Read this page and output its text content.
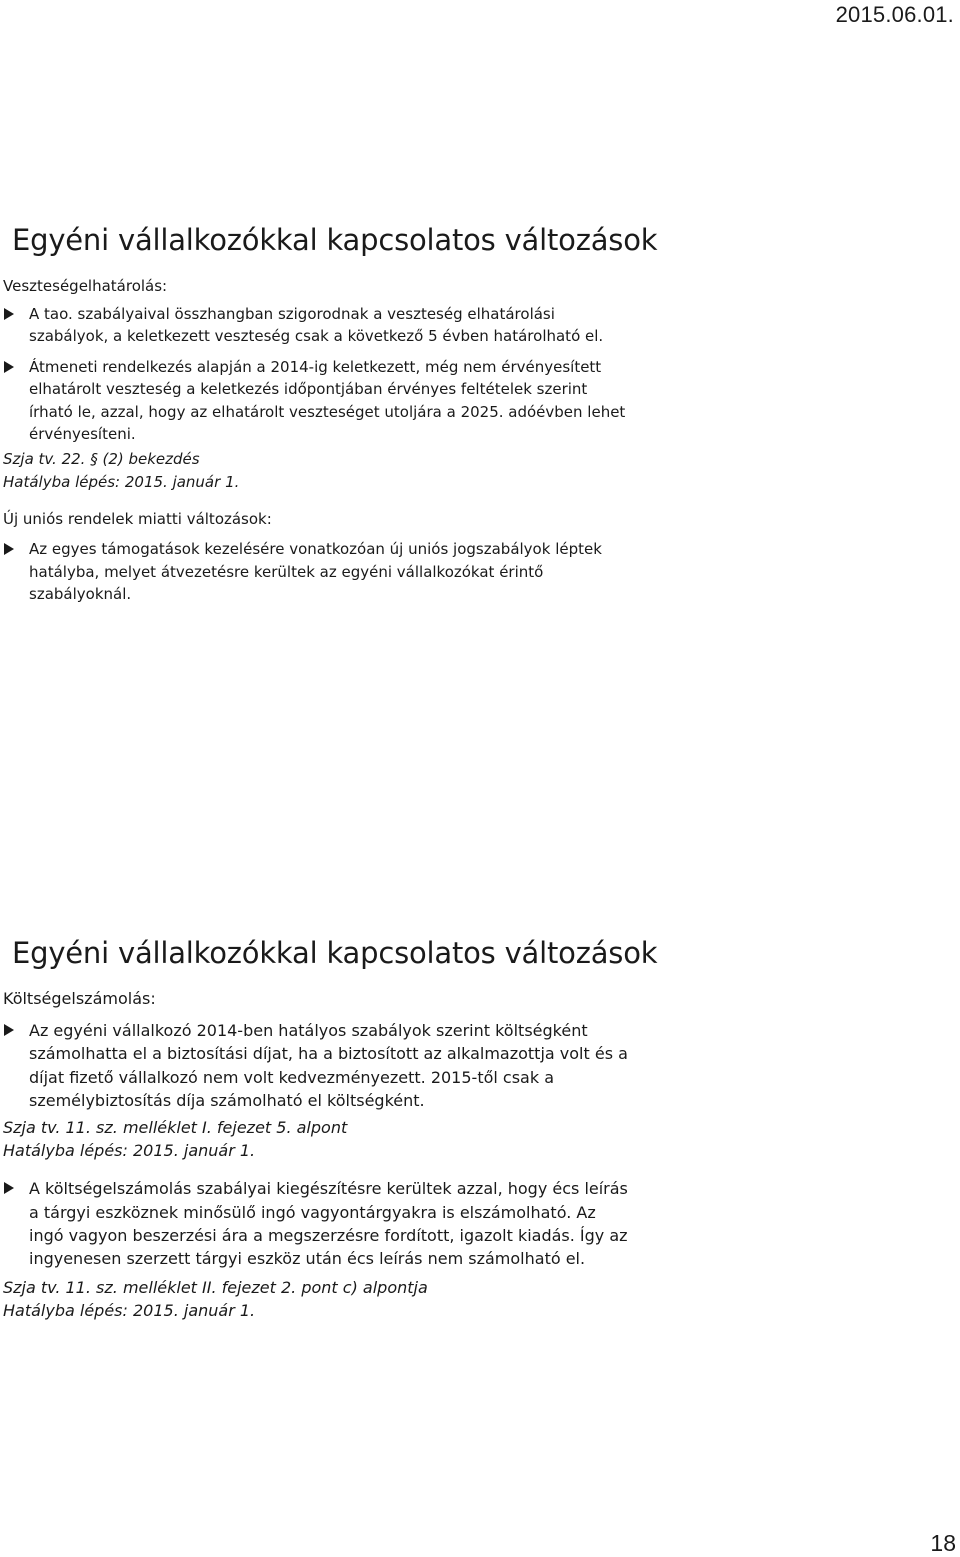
2015.06.01.
Egyéni vállalkozókkal kapcsolatos változások
Veszteségelhatárolás:
A tao. szabályaival összhangban szigorodnak a veszteség elhatárolási szabályok, a keletkezett veszteség csak a következő 5 évben határolható el.
Átmeneti rendelkezés alapján a 2014-ig keletkezett, még nem érvényesített elhatárolt veszteség a keletkezés időpontjában érvényes feltételek szerint írható le, azzal, hogy az elhatárolt veszteséget utoljára a 2025. adóévben lehet érvényesíteni.
Szja tv. 22. § (2) bekezdés
Hatályba lépés: 2015. január 1.
Új uniós rendelek miatti változások:
Az egyes támogatások kezelésére vonatkozóan új uniós jogszabályok léptek hatályba, melyet átvezetésre kerültek az egyéni vállalkozókat érintő szabályoknál.
Egyéni vállalkozókkal kapcsolatos változások
Költségelszámolás:
Az egyéni vállalkozó 2014-ben hatályos szabályok szerint költségként számolhatta el a biztosítási díjat, ha a biztosított az alkalmazottja volt és a díjat fizető vállalkozó nem volt kedvezményezett. 2015-től csak a személybiztosítás díja számolható el költségként.
Szja tv. 11. sz. melléklet I. fejezet 5. alpont
Hatályba lépés: 2015. január 1.
A költségelszámolás szabályai kiegészítésre kerültek azzal, hogy écs leírás a tárgyi eszköznek minősülő ingó vagyontárgyakra is elszámolható. Az ingó vagyon beszerzési ára a megszerzésre fordított, igazolt kiadás. Így az ingyenesen szerzett tárgyi eszköz után écs leírás nem számolható el.
Szja tv. 11. sz. melléklet II. fejezet 2. pont c) alpontja
Hatályba lépés: 2015. január 1.
18
